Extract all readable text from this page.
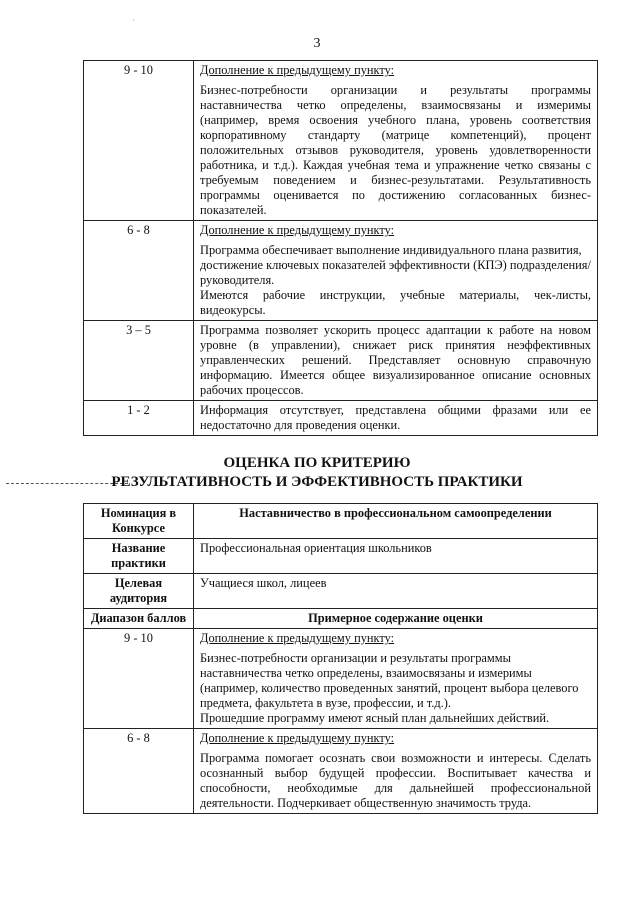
·
3
9 - 10	Дополнение к предыдущему пункту:
Бизнес-потребности организации и результаты программы наставничества четко определены, взаимосвязаны и измеримы (например, время освоения учебного плана, уровень соответствия корпоративному стандарту (матрице компетенций), процент положительных отзывов руководителя, уровень удовлетворенности работника, и т.д.). Каждая учебная тема и упражнение четко связаны с требуемым поведением и бизнес-результатами. Результативность программы оценивается по достижению согласованных бизнес-показателей.

6 - 8	Дополнение к предыдущему пункту:
Программа обеспечивает выполнение индивидуального плана развития, достижение ключевых показателей эффективности (КПЭ) подразделения/ руководителя.
Имеются рабочие инструкции, учебные материалы, чек-листы, видеокурсы.

3 – 5	Программа позволяет ускорить процесс адаптации к работе на новом уровне (в управлении), снижает риск принятия неэффективных управленческих решений. Представляет основную справочную информацию. Имеется общее визуализированное описание основных рабочих процессов.
1 - 2	Информация отсутствует, представлена общими фразами или ее недостаточно для проведения оценки.
ОЦЕНКА ПО КРИТЕРИЮ
РЕЗУЛЬТАТИВНОСТЬ И ЭФФЕКТИВНОСТЬ ПРАКТИКИ
Номинация в Конкурсе	Наставничество в профессиональном самоопределении
Название практики	Профессиональная ориентация школьников
Целевая аудитория	Учащиеся школ, лицеев
Диапазон баллов	Примерное содержание оценки
9 - 10	Дополнение к предыдущему пункту:
Бизнес-потребности организации и результаты программы наставничества четко определены, взаимосвязаны и измеримы (например, количество проведенных занятий, процент выбора целевого предмета, факультета в вузе, профессии, и т.д.).
Прошедшие программу имеют ясный план дальнейших действий.

6 - 8	Дополнение к предыдущему пункту:
Программа помогает осознать свои возможности и интересы. Сделать осознанный выбор будущей профессии. Воспитывает качества и способности, необходимые для дальнейшей профессиональной деятельности. Подчеркивает общественную значимость труда.
